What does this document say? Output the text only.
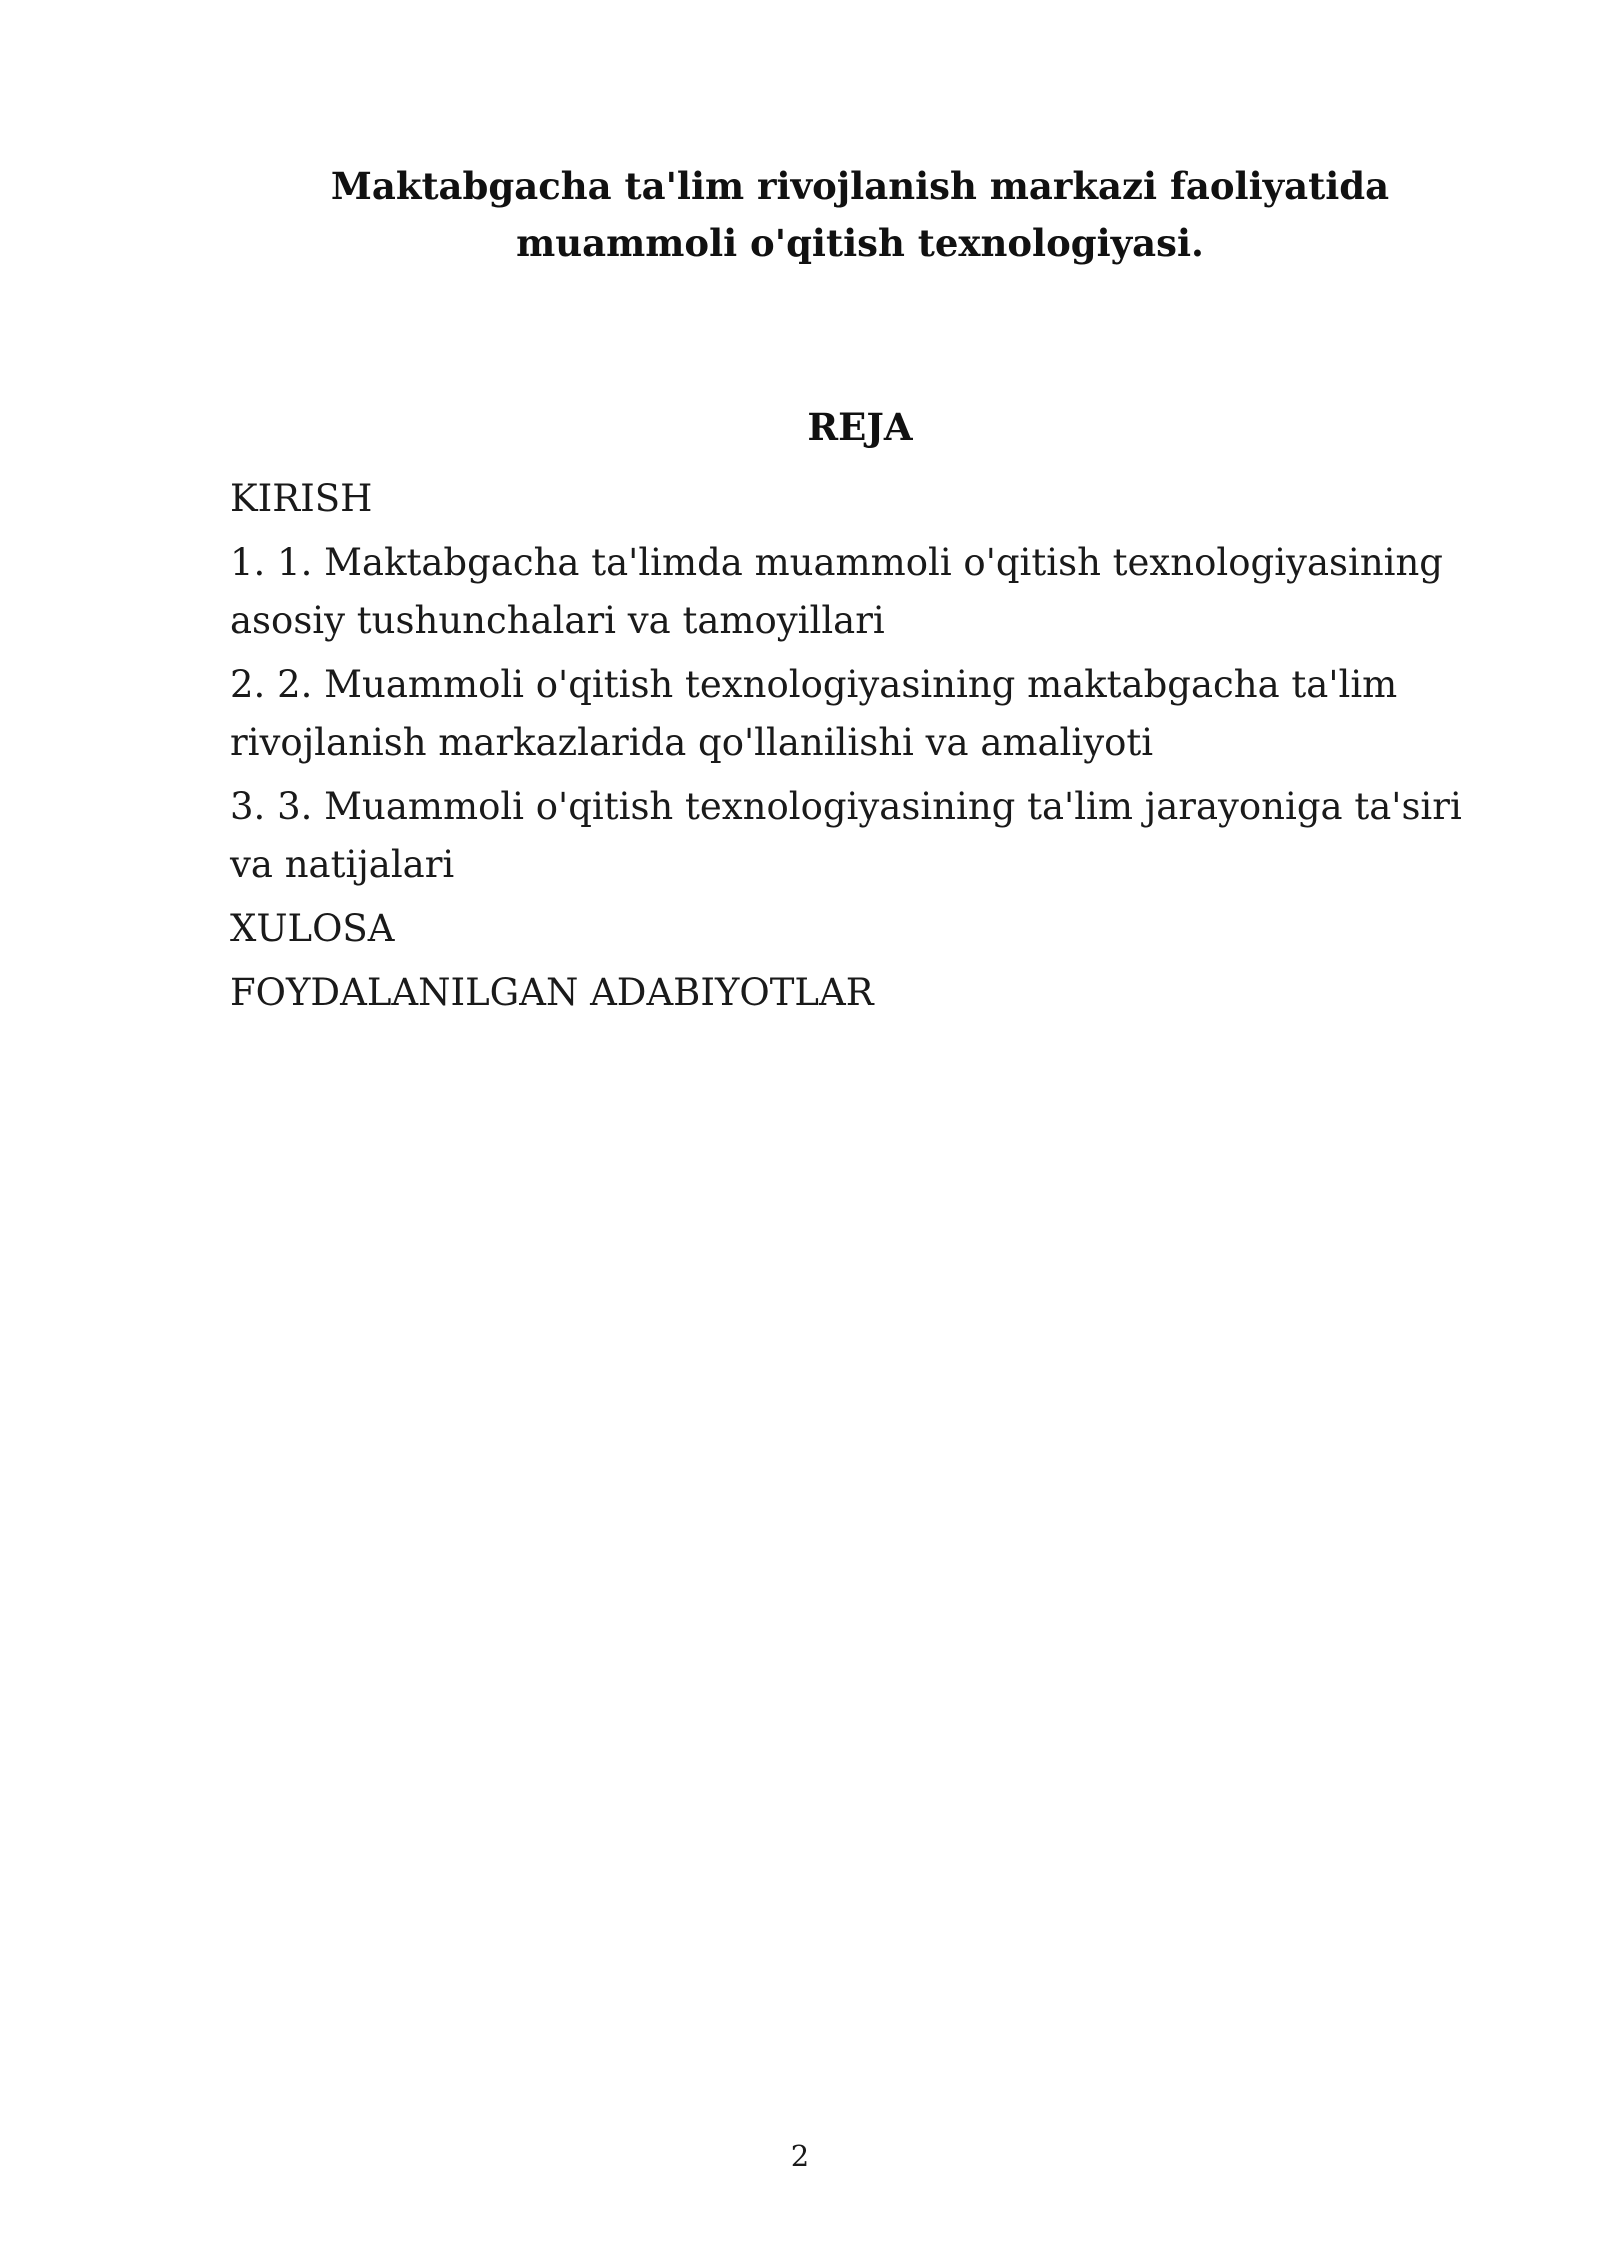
Maktabgacha ta'lim rivojlanish markazi faoliyatida
muammoli o'qitish texnologiyasi.
REJA
KIRISH
1. 1. Maktabgacha ta'limda muammoli o'qitish texnologiyasining asosiy tushunchalari va tamoyillari
2. 2. Muammoli o'qitish texnologiyasining maktabgacha ta'lim rivojlanish markazlarida qo'llanilishi va amaliyoti
3. 3. Muammoli o'qitish texnologiyasining ta'lim jarayoniga ta'siri va natijalari
XULOSA
FOYDALANILGAN ADABIYOTLAR
2
